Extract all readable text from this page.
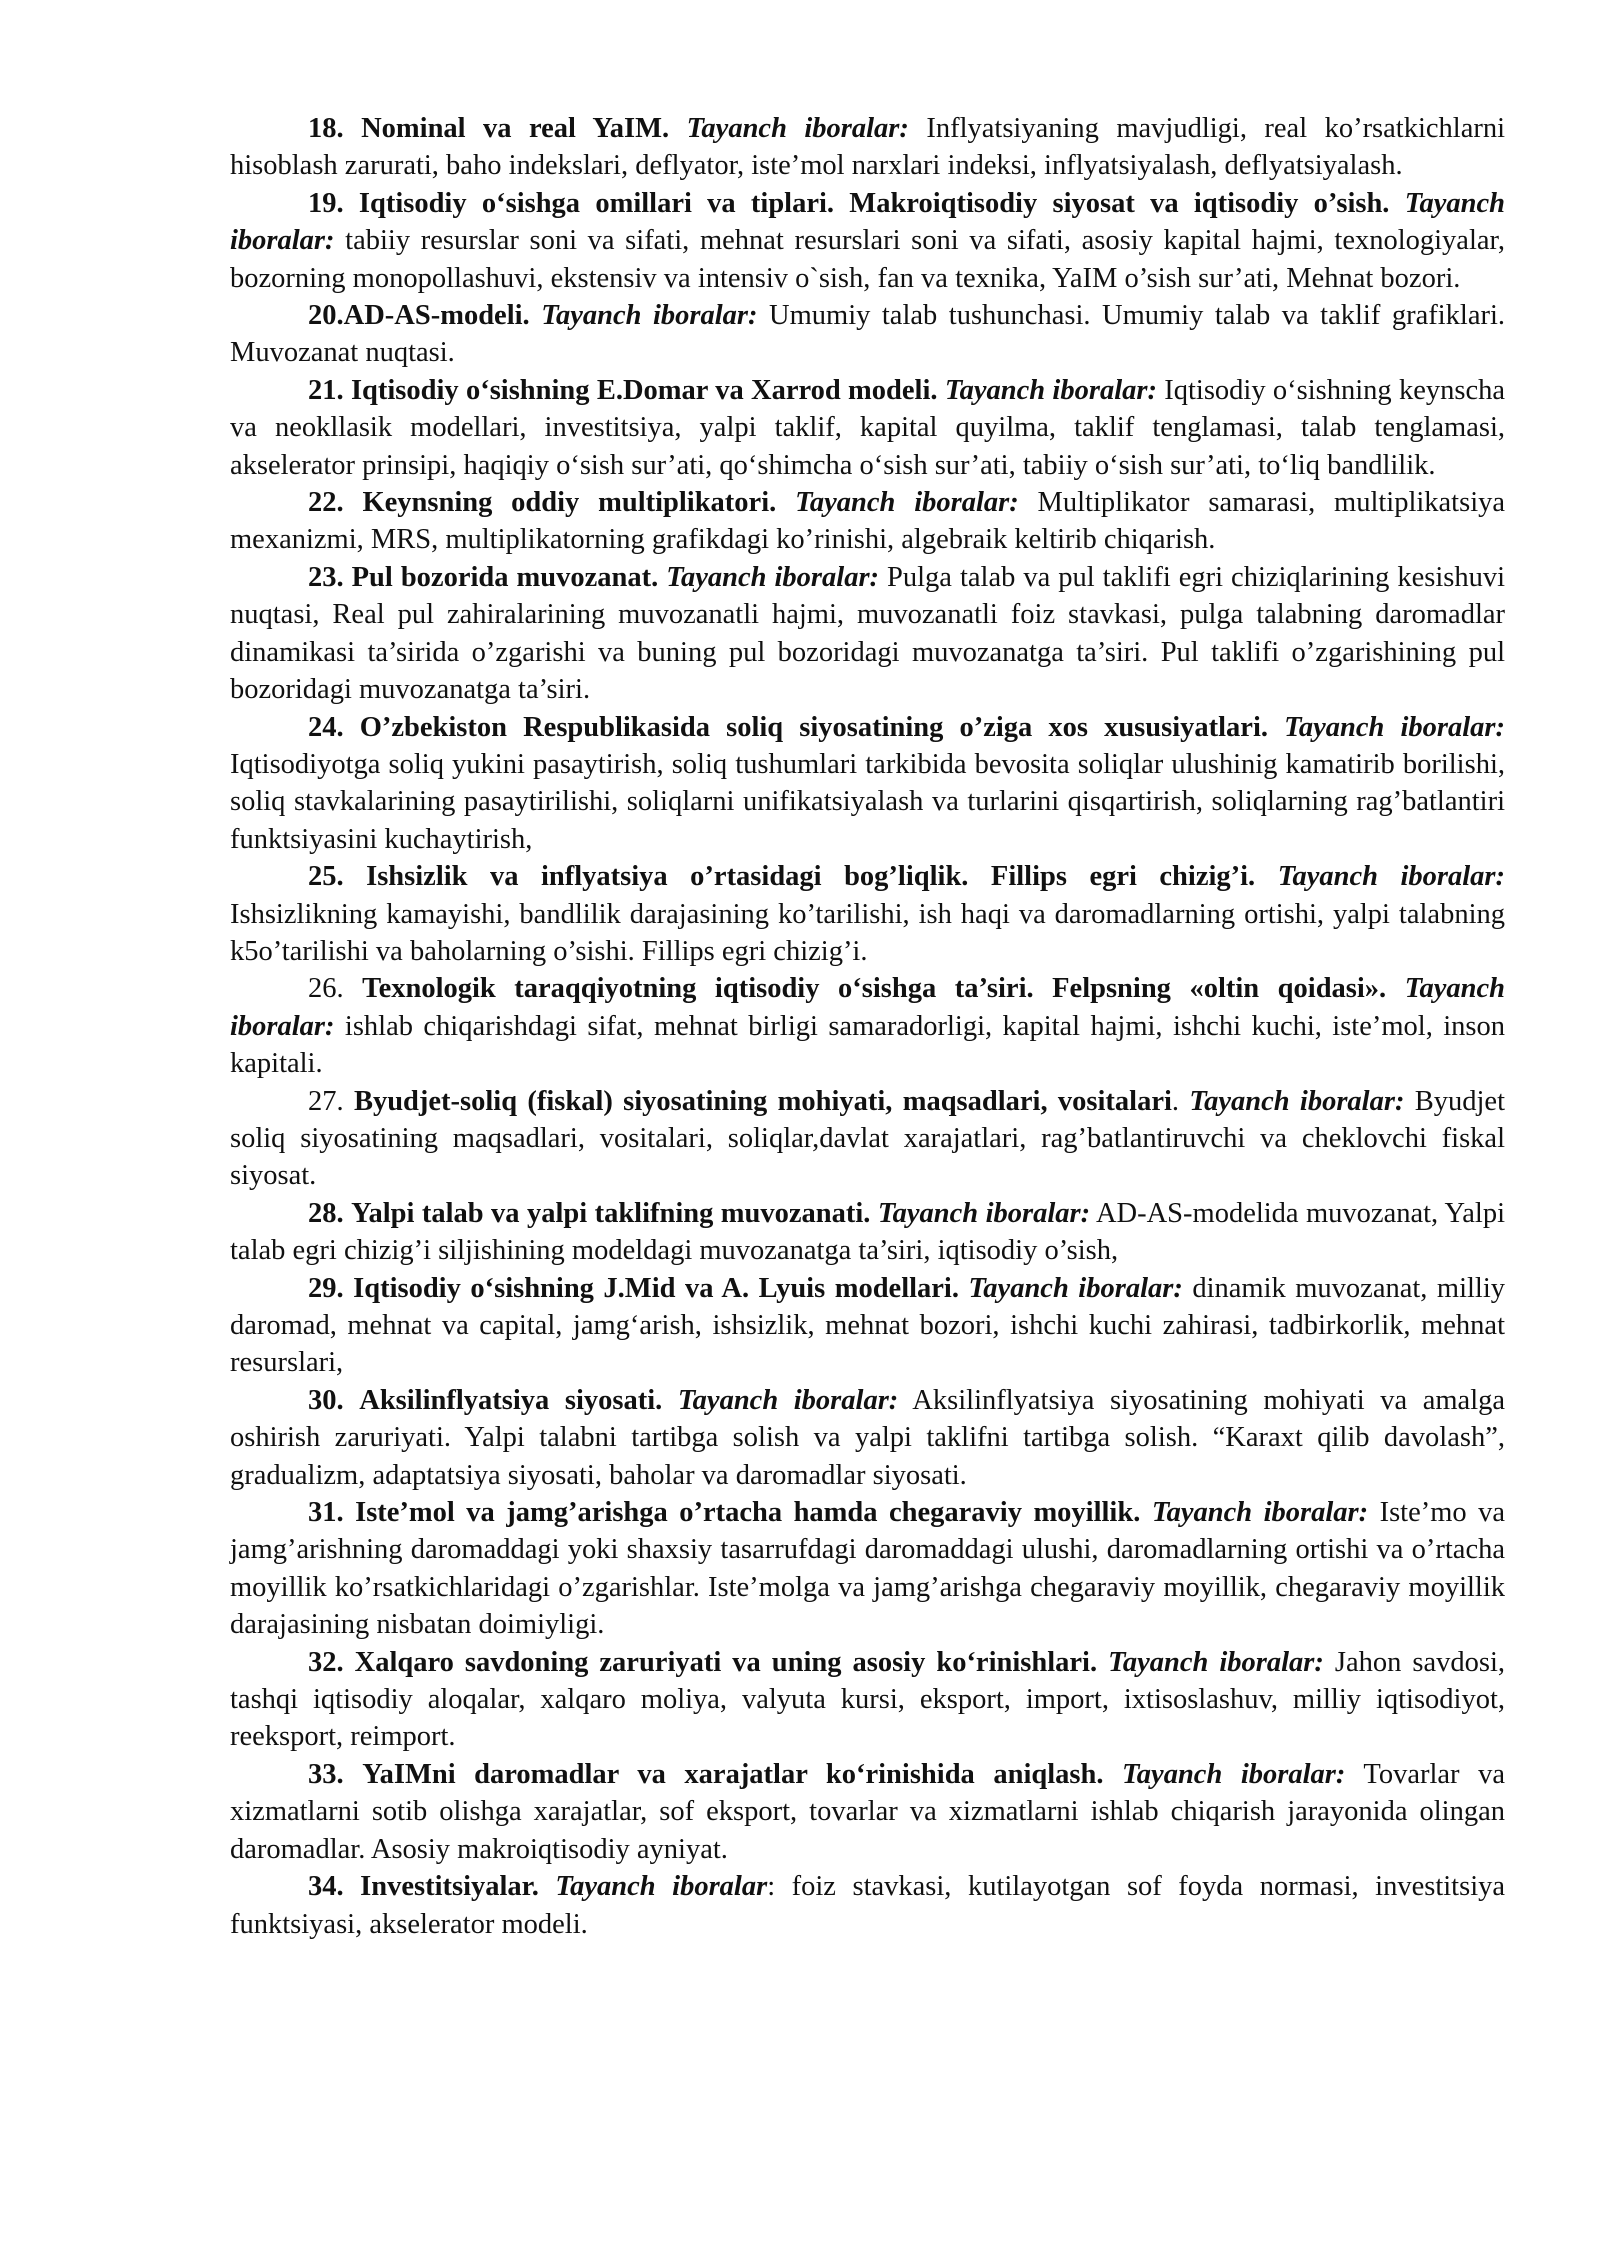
18. Nominal va real YaIM. Tayanch iboralar: Inflyatsiyaning mavjudligi, real ko’rsatkichlarni hisoblash zarurati, baho indekslari, deflyator, iste’mol narxlari indeksi, inflyatsiyalash, deflyatsiyalash.

19. Iqtisodiy o‘sishga omillari va tiplari. Makroiqtisodiy siyosat va iqtisodiy o’sish. Tayanch iboralar: tabiiy resurslar soni va sifati, mehnat resurslari soni va sifati, asosiy kapital hajmi, texnologiyalar, bozorning monopollashuvi, ekstensiv va intensiv o`sish, fan va texnika, YaIM o’sish sur’ati, Mehnat bozori.

20.AD-AS-modeli. Tayanch iboralar: Umumiy talab tushunchasi. Umumiy talab va taklif grafiklari. Muvozanat nuqtasi.

21. Iqtisodiy o‘sishning E.Domar va Xarrod modeli. Tayanch iboralar: Iqtisodiy o‘sishning keynscha va neokllasik modellari, investitsiya, yalpi taklif, kapital quyilma, taklif tenglamasi, talab tenglamasi, akselerator prinsipi, haqiqiy o‘sish sur’ati, qo‘shimcha o‘sish sur’ati, tabiiy o‘sish sur’ati, to‘liq bandlilik.

22. Keynsning oddiy multiplikatori. Tayanch iboralar: Multiplikator samarasi, multiplikatsiya mexanizmi, MRS, multiplikatorning grafikdagi ko’rinishi, algebraik keltirib chiqarish.

23. Pul bozorida muvozanat. Tayanch iboralar: Pulga talab va pul taklifi egri chiziqlarining kesishuvi nuqtasi, Real pul zahiralarining muvozanatli hajmi, muvozanatli foiz stavkasi, pulga talabning daromadlar dinamikasi ta’sirida o’zgarishi va buning pul bozoridagi muvozanatga ta’siri. Pul taklifi o’zgarishining pul bozoridagi muvozanatga ta’siri.

24. O’zbekiston Respublikasida soliq siyosatining o’ziga xos xususiyatlari. Tayanch iboralar: Iqtisodiyotga soliq yukini pasaytirish, soliq tushumlari tarkibida bevosita soliqlar ulushinig kamatirib borilishi, soliq stavkalarining pasaytirilishi, soliqlarni unifikatsiyalash va turlarini qisqartirish, soliqlarning rag’batlantiri funktsiyasini kuchaytirish,

25. Ishsizlik va inflyatsiya o’rtasidagi bog’liqlik. Fillips egri chizig’i. Tayanch iboralar: Ishsizlikning kamayishi, bandlilik darajasining ko’tarilishi, ish haqi va daromadlarning ortishi, yalpi talabning k5o’tarilishi va baholarning o’sishi. Fillips egri chizig’i.

26. Texnologik taraqqiyotning iqtisodiy o‘sishga ta’siri. Felpsning «oltin qoidasi». Tayanch iboralar: ishlab chiqarishdagi sifat, mehnat birligi samaradorligi, kapital hajmi, ishchi kuchi, iste’mol, inson kapitali.

27. Byudjet-soliq (fiskal) siyosatining mohiyati, maqsadlari, vositalari. Tayanch iboralar: Byudjet soliq siyosatining maqsadlari, vositalari, soliqlar,davlat xarajatlari, rag’batlantiruvchi va cheklovchi fiskal siyosat.

28. Yalpi talab va yalpi taklifning muvozanati. Tayanch iboralar: AD-AS-modelida muvozanat, Yalpi talab egri chizig’i siljishining modeldagi muvozanatga ta’siri, iqtisodiy o’sish,

29. Iqtisodiy o‘sishning J.Mid va A. Lyuis modellari. Tayanch iboralar: dinamik muvozanat, milliy daromad, mehnat va capital, jamg‘arish, ishsizlik, mehnat bozori, ishchi kuchi zahirasi, tadbirkorlik, mehnat resurslari,

30. Aksilinflyatsiya siyosati. Tayanch iboralar: Aksilinflyatsiya siyosatining mohiyati va amalga oshirish zaruriyati. Yalpi talabni tartibga solish va yalpi taklifni tartibga solish. “Karaxt qilib davolash”, gradualizm, adaptatsiya siyosati, baholar va daromadlar siyosati.

31. Iste’mol va jamg’arishga o’rtacha hamda chegaraviy moyillik. Tayanch iboralar: Iste’mo va jamg’arishning daromaddagi yoki shaxsiy tasarrufdagi daromaddagi ulushi, daromadlarning ortishi va o’rtacha moyillik ko’rsatkichlaridagi o’zgarishlar. Iste’molga va jamg’arishga chegaraviy moyillik, chegaraviy moyillik darajasining nisbatan doimiyligi.

32. Xalqaro savdoning zaruriyati va uning asosiy ko‘rinishlari. Tayanch iboralar: Jahon savdosi, tashqi iqtisodiy aloqalar, xalqaro moliya, valyuta kursi, eksport, import, ixtisoslashuv, milliy iqtisodiyot, reeksport, reimport.

33. YaIMni daromadlar va xarajatlar ko‘rinishida aniqlash. Tayanch iboralar: Tovarlar va xizmatlarni sotib olishga xarajatlar, sof eksport, tovarlar va xizmatlarni ishlab chiqarish jarayonida olingan daromadlar. Asosiy makroiqtisodiy ayniyat.

34. Investitsiyalar. Tayanch iboralar: foiz stavkasi, kutilayotgan sof foyda normasi, investitsiya funktsiyasi, akselerator modeli.
